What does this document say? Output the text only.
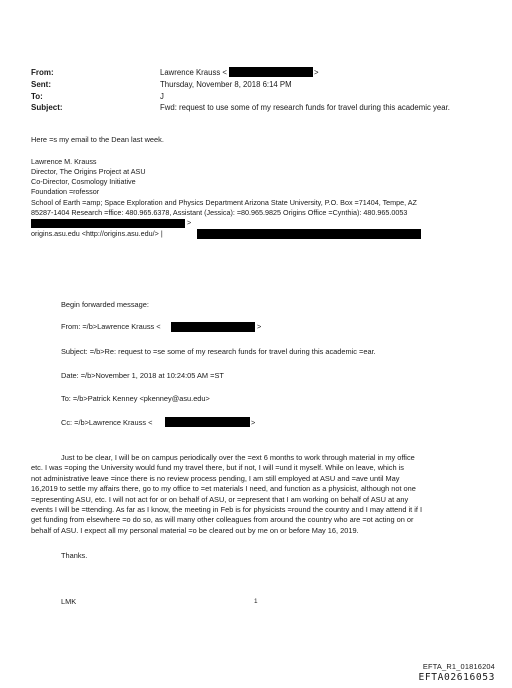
From:	Lawrence Krauss <	>
Sent:	Thursday, November 8, 2018 6:14 PM
To:	J
Subject:	Fwd: request to use some of my research funds for travel during this academic year.
Here =s my email to the Dean last week.
Lawrence M. Krauss
Director, The Origins Project at ASU
Co-Director, Cosmology Initiative
Foundation =rofessor
School of Earth =amp; Space Exploration and Physics Department Arizona State University, P.O. Box =71404, Tempe, AZ
85287-1404 Research =ffice: 480.965.6378, Assistant (Jessica): =80.965.9825 Origins Office =Cynthia): 480.965.0053
>
origins.asu.edu <http://origins.asu.edu/> |
Begin forwarded message:
From: =/b>Lawrence Krauss <	>
Subject: =/b>Re: request to =se some of my research funds for travel during this academic =ear.
Date: =/b>November 1, 2018 at 10:24:05 AM =ST
To: =/b>Patrick Kenney <pkenney@asu.edu>
Cc: =/b>Lawrence Krauss <	>
Just to be clear, I will be on campus periodically over the =ext 6 months to work through material in my office
etc. I was =oping the University would fund my travel there, but if not, I will =und it myself. While on leave, which is
not administrative leave =ince there is no review process pending, I am still employed at ASU and =ave until May
16,2019 to settle my affairs there, go to my office to =et materials I need, and function as a physicist, although not one
=epresenting ASU, etc. I will not act for or on behalf of ASU, or =epresent that I am working on behalf of ASU at any
events I will be =ttending. As far as I know, the meeting in Feb is for physicists =round the country and I may attend it if I
get funding from elsewhere =o do so, as will many other colleagues from around the country who are =ot acting on or
behalf of ASU. I expect all my personal material =o be cleared out by me on or before May 16, 2019.
Thanks.
LMK	1
EFTA_R1_01816204
EFTA02616053
